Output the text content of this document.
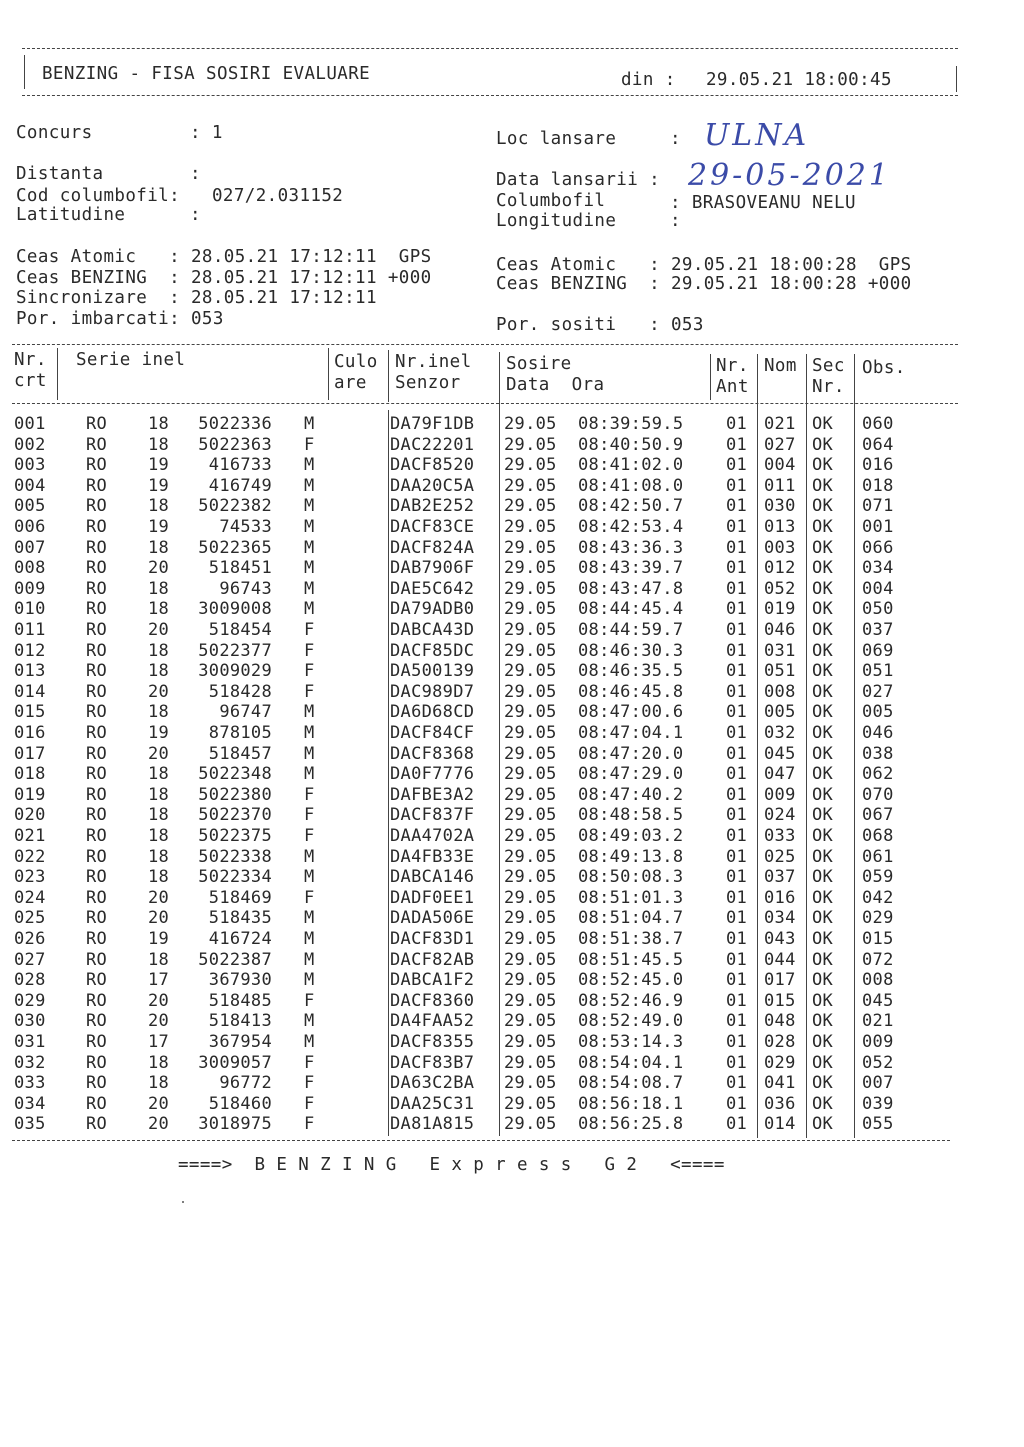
BENZING - FISA SOSIRI EVALUARE	din : 29.05.21 18:00:45
Concurs	: 1	Loc lansare	: ULNA
Distanta	:
Cod columbofil: 027/2.031152
Latitudine	:
Data lansarii : 29-05-2021
Columbofil	: BRASOVEANU NELU
Longitudine	:
Ceas Atomic   : 28.05.21 17:12:11  GPS
Ceas BENZING  : 28.05.21 17:12:11 +000
Sincronizare  : 28.05.21 17:12:11
Por. imbarcati: 053
Ceas Atomic   : 29.05.21 18:00:28  GPS
Ceas BENZING  : 29.05.21 18:00:28 +000
Por. sositi   : 053
Nr.
crt
Serie inel	Culo
are
Nr.inel
Senzor
Sosire
Data  Ora
Nr.
Ant
Nom Sec
Nr.
Obs.
001	RO	18	5022336 M	DA79F1DB	29.05	08:39:59.5	01 021 OK	060
002	RO	18	5022363 F	DAC22201	29.05	08:40:50.9	01 027 OK	064
003	RO	19	416733 M	DACF8520	29.05	08:41:02.0	01 004 OK	016
004	RO	19	416749 M	DAA20C5A	29.05	08:41:08.0	01 011 OK	018
005	RO	18	5022382 M	DAB2E252	29.05	08:42:50.7	01 030 OK	071
006	RO	19	74533 M	DACF83CE	29.05	08:42:53.4	01 013 OK	001
007	RO	18	5022365 M	DACF824A	29.05	08:43:36.3	01 003 OK	066
008	RO	20	518451 M	DAB7906F	29.05	08:43:39.7	01 012 OK	034
009	RO	18	96743 M	DAE5C642	29.05	08:43:47.8	01 052 OK	004
010	RO	18	3009008 M	DA79ADB0	29.05	08:44:45.4	01 019 OK	050
011	RO	20	518454 F	DABCA43D	29.05	08:44:59.7	01 046 OK	037
012	RO	18	5022377 F	DACF85DC	29.05	08:46:30.3	01 031 OK	069
013	RO	18	3009029 F	DA500139	29.05	08:46:35.5	01 051 OK	051
014	RO	20	518428 F	DAC989D7	29.05	08:46:45.8	01 008 OK	027
015	RO	18	96747 M	DA6D68CD	29.05	08:47:00.6	01 005 OK	005
016	RO	19	878105 M	DACF84CF	29.05	08:47:04.1	01 032 OK	046
017	RO	20	518457 M	DACF8368	29.05	08:47:20.0	01 045 OK	038
018	RO	18	5022348 M	DA0F7776	29.05	08:47:29.0	01 047 OK	062
019	RO	18	5022380 F	DAFBE3A2	29.05	08:47:40.2	01 009 OK	070
020	RO	18	5022370 F	DACF837F	29.05	08:48:58.5	01 024 OK	067
021	RO	18	5022375 F	DAA4702A	29.05	08:49:03.2	01 033 OK	068
022	RO	18	5022338 M	DA4FB33E	29.05	08:49:13.8	01 025 OK	061
023	RO	18	5022334 M	DABCA146	29.05	08:50:08.3	01 037 OK	059
024	RO	20	518469 F	DADF0EE1	29.05	08:51:01.3	01 016 OK	042
025	RO	20	518435 M	DADA506E	29.05	08:51:04.7	01 034 OK	029
026	RO	19	416724 M	DACF83D1	29.05	08:51:38.7	01 043 OK	015
027	RO	18	5022387 M	DACF82AB	29.05	08:51:45.5	01 044 OK	072
028	RO	17	367930 M	DABCA1F2	29.05	08:52:45.0	01 017 OK	008
029	RO	20	518485 F	DACF8360	29.05	08:52:46.9	01 015 OK	045
030	RO	20	518413 M	DA4FAA52	29.05	08:52:49.0	01 048 OK	021
031	RO	17	367954 M	DACF8355	29.05	08:53:14.3	01 028 OK	009
032	RO	18	3009057 F	DACF83B7	29.05	08:54:04.1	01 029 OK	052
033	RO	18	96772 F	DA63C2BA	29.05	08:54:08.7	01 041 OK	007
034	RO	20	518460 F	DAA25C31	29.05	08:56:18.1	01 036 OK	039
035	RO	20	3018975 F	DA81A815	29.05	08:56:25.8	01 014 OK	055
====>  B E N Z I N G   E x p r e s s   G 2   <====
